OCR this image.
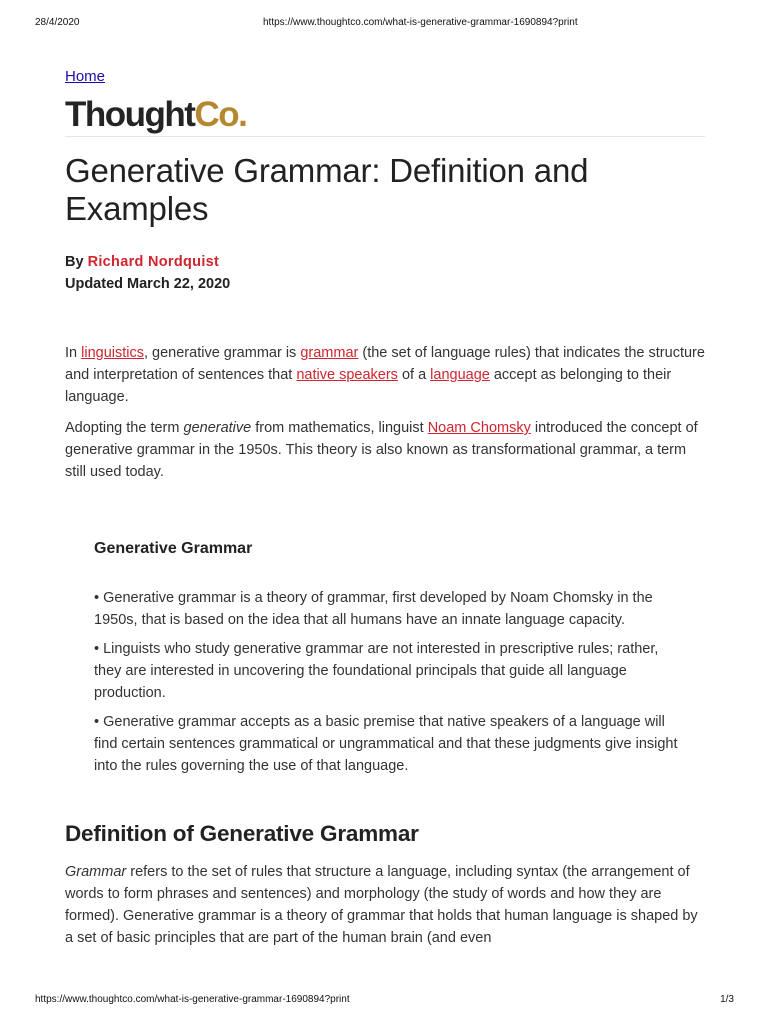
28/4/2020	https://www.thoughtco.com/what-is-generative-grammar-1690894?print
Home
Thought Co .
Generative Grammar: Definition and Examples
By Richard Nordquist
Updated March 22, 2020

In linguistics, generative grammar is grammar (the set of language rules) that indicates the structure and interpretation of sentences that native speakers of a language accept as belonging to their language.

Adopting the term generative from mathematics, linguist Noam Chomsky introduced the concept of generative grammar in the 1950s. This theory is also known as transformational grammar, a term still used today.

Generative Grammar

• Generative grammar is a theory of grammar, first developed by Noam Chomsky in the 1950s, that is based on the idea that all humans have an innate language capacity.

• Linguists who study generative grammar are not interested in prescriptive rules; rather, they are interested in uncovering the foundational principals that guide all language production.

• Generative grammar accepts as a basic premise that native speakers of a language will find certain sentences grammatical or ungrammatical and that these judgments give insight into the rules governing the use of that language.

Definition of Generative Grammar

Grammar refers to the set of rules that structure a language, including syntax (the arrangement of words to form phrases and sentences) and morphology (the study of words and how they are formed). Generative grammar is a theory of grammar that holds that human language is shaped by a set of basic principles that are part of the human brain (and even

https://www.thoughtco.com/what-is-generative-grammar-1690894?print	1/3
